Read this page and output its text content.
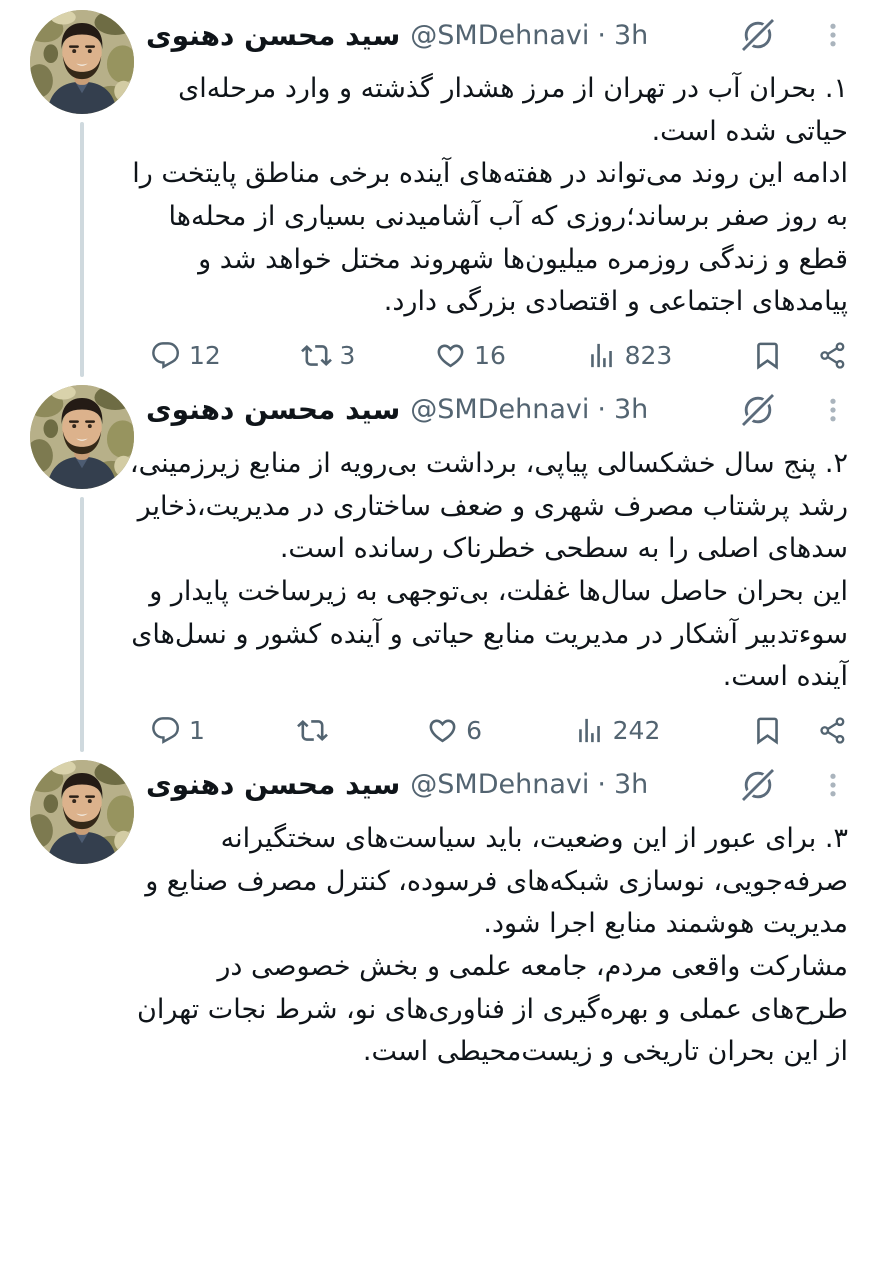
سید محسن دهنوی @SMDehnavi · 3h

۱. بحران آب در تهران از مرز هشدار گذشته و وارد مرحله‌ای حیاتی شده است.

ادامه این روند می‌تواند در هفته‌های آینده برخی مناطق پایتخت را به روز صفر برساند؛روزی که آب آشامیدنی بسیاری از محله‌ها قطع و زندگی روزمره میلیون‌ها شهروند مختل خواهد شد و پیامدهای اجتماعی و اقتصادی بزرگی دارد.

12	3	16	823
سید محسن دهنوی @SMDehnavi · 3h

۲. پنج سال خشکسالی پیاپی، برداشت بی‌رویه از منابع زیرزمینی، رشد پرشتاب مصرف شهری و ضعف ساختاری در مدیریت،ذخایر سدهای اصلی را به سطحی خطرناک رسانده است.

این بحران حاصل سال‌ها غفلت، بی‌توجهی به زیرساخت پایدار و سوءتدبیر آشکار در مدیریت منابع حیاتی و آینده کشور و نسل‌های آینده است.

1	6	242
سید محسن دهنوی @SMDehnavi · 3h

۳. برای عبور از این وضعیت، باید سیاست‌های سختگیرانه صرفه‌جویی، نوسازی شبکه‌های فرسوده، کنترل مصرف صنایع و مدیریت هوشمند منابع اجرا شود.

مشارکت واقعی مردم، جامعه علمی و بخش خصوصی در طرح‌های عملی و بهره‌گیری از فناوری‌های نو، شرط نجات تهران از این بحران تاریخی و زیست‌محیطی است.
